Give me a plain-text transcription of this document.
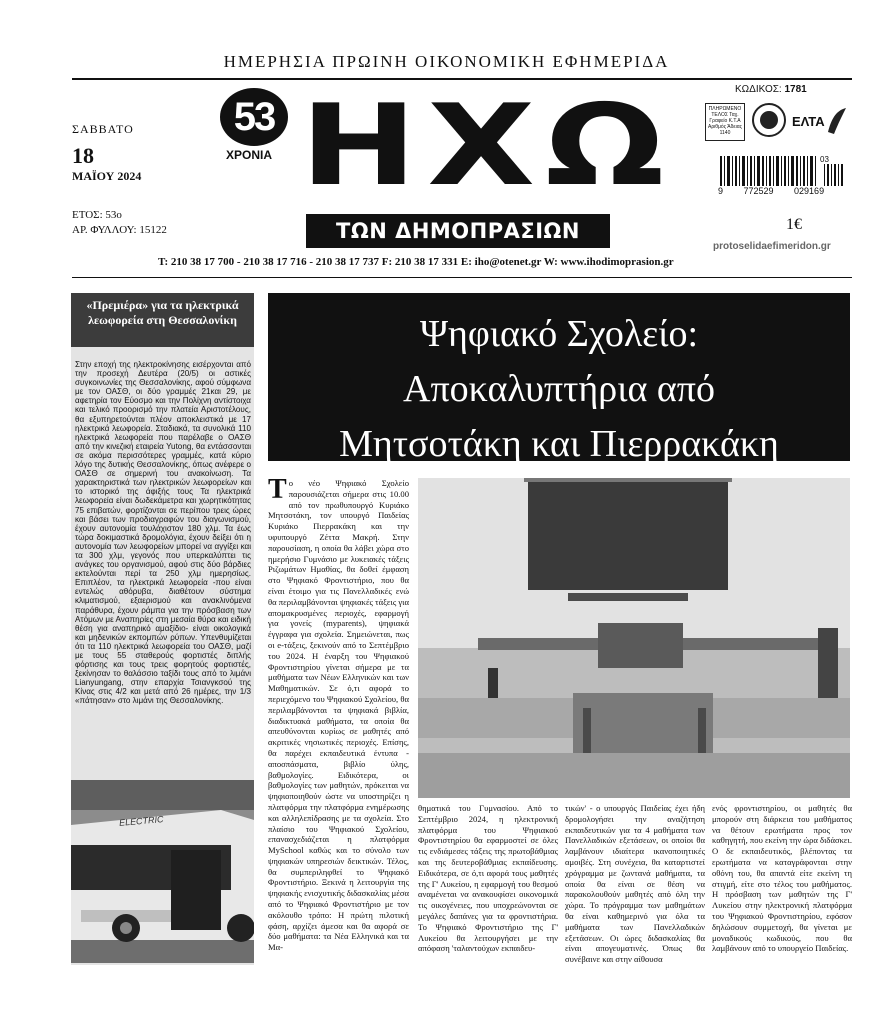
ΗΜΕΡΗΣΙΑ ΠΡΩΙΝΗ ΟΙΚΟΝΟΜΙΚΗ ΕΦΗΜΕΡΙΔΑ
ΣΑΒΒΑΤΟ
18
ΜΑΪΟΥ 2024
ΕΤΟΣ: 53ο
ΑΡ. ΦΥΛΛΟΥ: 15122
53
ΧΡΟΝΙΑ ΗΧΩ
ΤΩΝ ΔΗΜΟΠΡΑΣΙΩΝ
ΚΩΔΙΚΟΣ: 1781
ΠΛΗΡΩΜΕΝΟ ΤΕΛΟΣ Ταχ. Γραφείο Κ.Τ.Α Αριθμός Άδειας 1140
ΕΛΤΑ
03
9 772529 029169
1€
protoselidaefimeridon.gr
Τ: 210 38 17 700 - 210 38 17 716 - 210 38 17 737 F: 210 38 17 331 E: iho@otenet.gr W: www.ihodimoprasion.gr
«Πρεμιέρα» για τα ηλεκτρικά λεωφορεία στη Θεσσαλονίκη
Στην εποχή της ηλεκτροκίνησης εισέρχονται από την προσεχή Δευτέρα (20/5) οι αστικές συγκοινωνίες της Θεσσαλονίκης, αφού σύμφωνα με τον ΟΑΣΘ, οι δύο γραμμές 21και 29, με αφετηρία τον Εύοσμο και την Πολίχνη αντίστοιχα και τελικό προορισμό την πλατεία Αριστοτέλους, θα εξυπηρετούνται πλέον αποκλειστικά με 17 ηλεκτρικά λεωφορεία. Σταδιακά, τα συνολικά 110 ηλεκτρικά λεωφορεία που παρέλαβε ο ΟΑΣΘ από την κινεζική εταιρεία Yutong, θα εντάσσονται σε ακόμα περισσότερες γραμμές, κατά κύριο λόγο της δυτικής Θεσσαλονίκης, όπως ανέφερε ο ΟΑΣΘ σε σημερινή του ανακοίνωση. Τα χαρακτηριστικά των ηλεκτρικών λεωφορείων και το ιστορικό της άφιξής τους Τα ηλεκτρικά λεωφορεία είναι δωδεκάμετρα και χωρητικότητας 75 επιβατών, φορτίζονται σε περίπου τρεις ώρες και βάσει των προδιαγραφών του διαγωνισμού, έχουν αυτονομία τουλάχιστον 180 χλμ. Τα έως τώρα δοκιμαστικά δρομολόγια, έχουν δείξει ότι η αυτονομία των λεωφορείων μπορεί να αγγίξει και τα 300 χλμ, γεγονός που υπερκαλύπτει τις ανάγκες του οργανισμού, αφού στις δύο βάρδιες εκτελούνται περί τα 250 χλμ ημερησίως. Επιπλέον, τα ηλεκτρικά λεωφορεία -που είναι εντελώς αθόρυβα, διαθέτουν σύστημα κλιματισμού, εξαερισμού και ανακλινόμενα παράθυρα, έχουν ράμπα για την πρόσβαση των Ατόμων με Αναπηρίες στη μεσαία θύρα και ειδική θέση για αναπηρικό αμαξίδιο- είναι οικολογικά και μηδενικών εκπομπών ρύπων. Υπενθυμίζεται ότι τα 110 ηλεκτρικά λεωφορεία του ΟΑΣΘ, μαζί με τους 55 σταθερούς φορτιστές διπλής φόρτισης και τους τρεις φορητούς φορτιστές, ξεκίνησαν το θαλάσσιο ταξίδι τους από το λιμάνι Lianyungang, στην επαρχία Τσιανγκσού της Κίνας στις 4/2 και μετά από 26 ημέρες, την 1/3 «πάτησαν» στο λιμάνι της Θεσσαλονίκης.
ELECTRIC
Ψηφιακό Σχολείο:
Αποκαλυπτήρια από
Μητσοτάκη και Πιερρακάκη
Το νέο Ψηφιακό Σχολείο παρουσιάζεται σήμερα στις 10.00 από τον πρωθυπουργό Κυριάκο Μητσοτάκη, τον υπουργό Παιδείας Κυριάκο Πιερρακάκη και την υφυπουργό Ζέττα Μακρή. Στην παρουσίαση, η οποία θα λάβει χώρα στο ημερήσιο Γυμνάσιο με λυκειακές τάξεις Ριζωμάτων Ημαθίας, θα δοθεί έμφαση στο Ψηφιακό Φροντιστήριο, που θα είναι έτοιμο για τις Πανελλαδικές ενώ θα περιλαμβάνονται ψηφιακές τάξεις για απομακρυσμένες περιοχές, εφαρμογή για γονείς (myparents), ψηφιακά έγγραφα για σχολεία. Σημειώνεται, πως οι e-τάξεις, ξεκινούν από το Σεπτέμβριο του 2024. Η έναρξη του Ψηφιακού Φροντιστηρίου γίνεται σήμερα με τα μαθήματα των Νέων Ελληνικών και των Μαθηματικών. Σε ό,τι αφορά το περιεχόμενο του Ψηφιακού Σχολείου, θα περιλαμβάνονται τα ψηφιακά βιβλία, διαδικτυακά μαθήματα, τα οποία θα απευθύνονται κυρίως σε μαθητές από ακριτικές νησιωτικές περιοχές. Επίσης, θα παρέχει εκπαιδευτικά έντυπα - αποσπάσματα, βιβλίο ύλης, βαθμολογίες. Ειδικότερα, οι βαθμολογίες των μαθητών, πρόκειται να ψηφιοποιηθούν ώστε να υποστηρίζει η πλατφόρμα την πλατφόρμα ενημέρωσης και αλληλεπίδρασης με τα σχολεία. Στο πλαίσιο του Ψηφιακού Σχολείου, επανασχεδιάζεται η πλατφόρμα MySchool καθώς και το σύνολο των ψηφιακών υπηρεσιών δεικτικών. Τέλος, θα συμπεριληφθεί το Ψηφιακό Φροντιστήριο. Ξεκινά η λειτουργία της ψηφιακής ενισχυτικής διδασκαλίας μέσα από το Ψηφιακό Φροντιστήριο με τον ακόλουθο τρόπο: Η πρώτη πιλοτική φάση, αρχίζει άμεσα και θα αφορά σε δύο μαθήματα: τα Νέα Ελληνικά και τα Μα-
θηματικά του Γυμνασίου. Από το Σεπτέμβριο 2024, η ηλεκτρονική πλατφόρμα του Ψηφιακού Φροντιστηρίου θα εφαρμοστεί σε όλες τις ενδιάμεσες τάξεις της πρωτοβάθμιας και της δευτεροβάθμιας εκπαίδευσης. Ειδικότερα, σε ό,τι αφορά τους μαθητές της Γ' Λυκείου, η εφαρμογή του θεσμού αναμένεται να ανακουφίσει οικονομικά τις οικογένειες, που υποχρεώνονται σε μεγάλες δαπάνες για τα φροντιστήρια. Το Ψηφιακό Φροντιστήριο της Γ' Λυκείου θα λειτουργήσει με την απόφαση 'ταλαντούχων εκπαιδευ-
τικών' - ο υπουργός Παιδείας έχει ήδη δρομολογήσει την αναζήτηση εκπαιδευτικών για τα 4 μαθήματα των Πανελλαδικών εξετάσεων, οι οποίοι θα λαμβάνουν ιδιαίτερα ικανοποιητικές αμοιβές. Στη συνέχεια, θα καταρτιστεί χρόγραμμα με ζωντανά μαθήματα, τα οποία θα είναι σε θέση να παρακολουθούν μαθητές από όλη την χώρα. Το πρόγραμμα των μαθημάτων θα είναι καθημερινό για όλα τα μαθήματα των Πανελλαδικών εξετάσεων. Οι ώρες διδασκαλίας θα είναι απογευματινές. Όπως θα συνέβαινε και στην αίθουσα
ενός φροντιστηρίου, οι μαθητές θα μπορούν στη διάρκεια του μαθήματος να θέτουν ερωτήματα προς τον καθηγητή, που εκείνη την ώρα διδάσκει. Ο δε εκπαιδευτικός, βλέποντας τα ερωτήματα να καταγράφονται στην οθόνη του, θα απαντά είτε εκείνη τη στιγμή, είτε στο τέλος του μαθήματος. Η πρόσβαση των μαθητών της Γ' Λυκείου στην ηλεκτρονική πλατφόρμα του Ψηφιακού Φροντιστηρίου, εφόσον δηλώσουν συμμετοχή, θα γίνεται με μοναδικούς κωδικούς, που θα λαμβάνουν από το υπουργείο Παιδείας.
